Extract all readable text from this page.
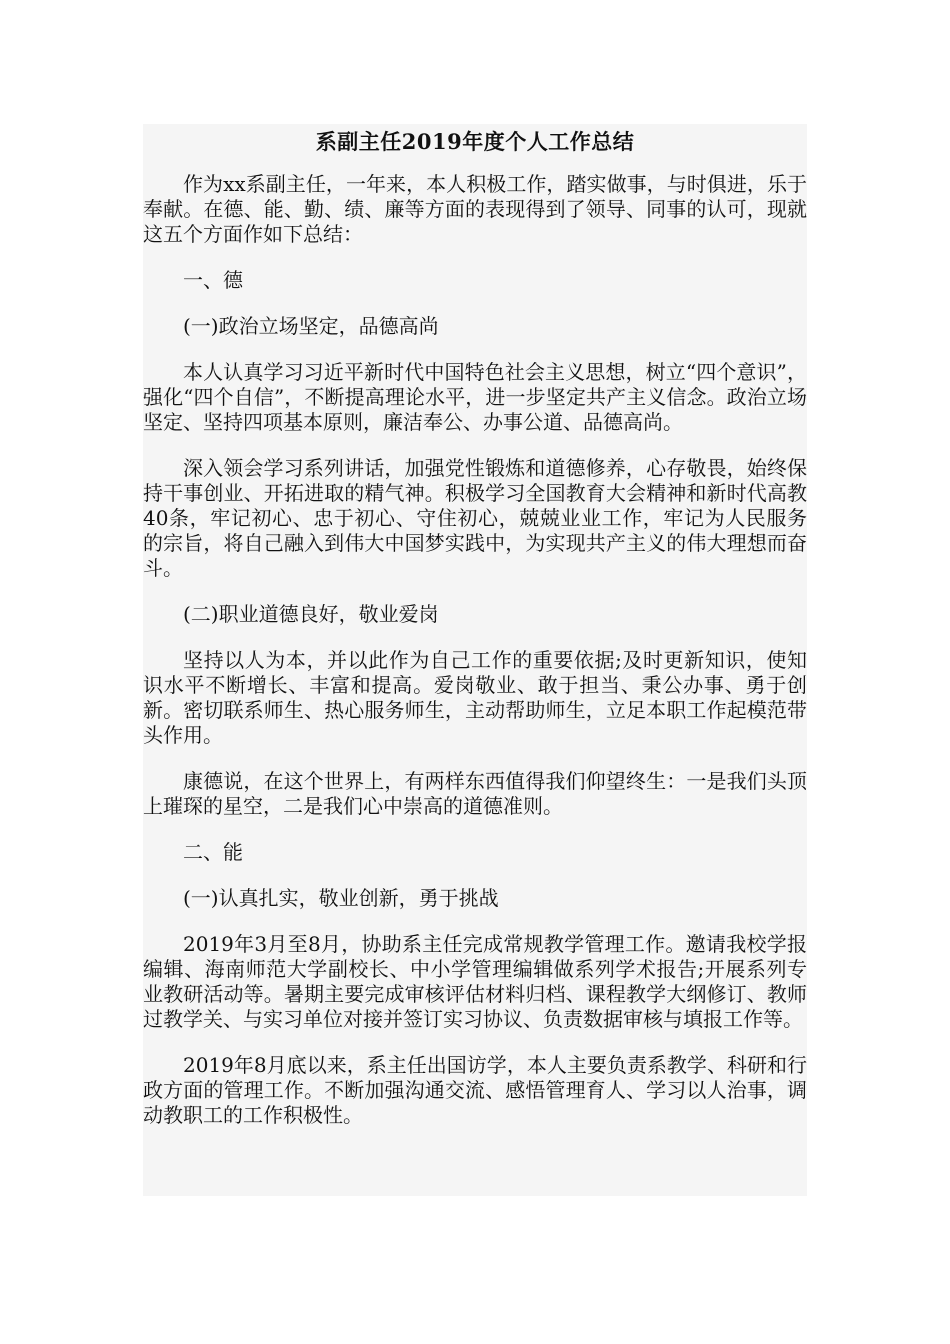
系副主任2019年度个人工作总结

作为xx系副主任，一年来，本人积极工作，踏实做事，与时俱进，乐于奉献。在德、能、勤、绩、廉等方面的表现得到了领导、同事的认可，现就这五个方面作如下总结：

一、德

(一)政治立场坚定，品德高尚

本人认真学习习近平新时代中国特色社会主义思想，树立“四个意识”，强化“四个自信”，不断提高理论水平，进一步坚定共产主义信念。政治立场坚定、坚持四项基本原则，廉洁奉公、办事公道、品德高尚。

深入领会学习系列讲话，加强党性锻炼和道德修养，心存敬畏，始终保持干事创业、开拓进取的精气神。积极学习全国教育大会精神和新时代高教40条，牢记初心、忠于初心、守住初心，兢兢业业工作，牢记为人民服务的宗旨，将自己融入到伟大中国梦实践中，为实现共产主义的伟大理想而奋斗。

(二)职业道德良好，敬业爱岗

坚持以人为本，并以此作为自己工作的重要依据;及时更新知识，使知识水平不断增长、丰富和提高。爱岗敬业、敢于担当、秉公办事、勇于创新。密切联系师生、热心服务师生，主动帮助师生，立足本职工作起模范带头作用。

康德说，在这个世界上，有两样东西值得我们仰望终生：一是我们头顶上璀琛的星空，二是我们心中崇高的道德准则。

二、能

(一)认真扎实，敬业创新，勇于挑战

2019年3月至8月，协助系主任完成常规教学管理工作。邀请我校学报编辑、海南师范大学副校长、中小学管理编辑做系列学术报告;开展系列专业教研活动等。暑期主要完成审核评估材料归档、课程教学大纲修订、教师过教学关、与实习单位对接并签订实习协议、负责数据审核与填报工作等。

2019年8月底以来，系主任出国访学，本人主要负责系教学、科研和行政方面的管理工作。不断加强沟通交流、感悟管理育人、学习以人治事，调动教职工的工作积极性。
